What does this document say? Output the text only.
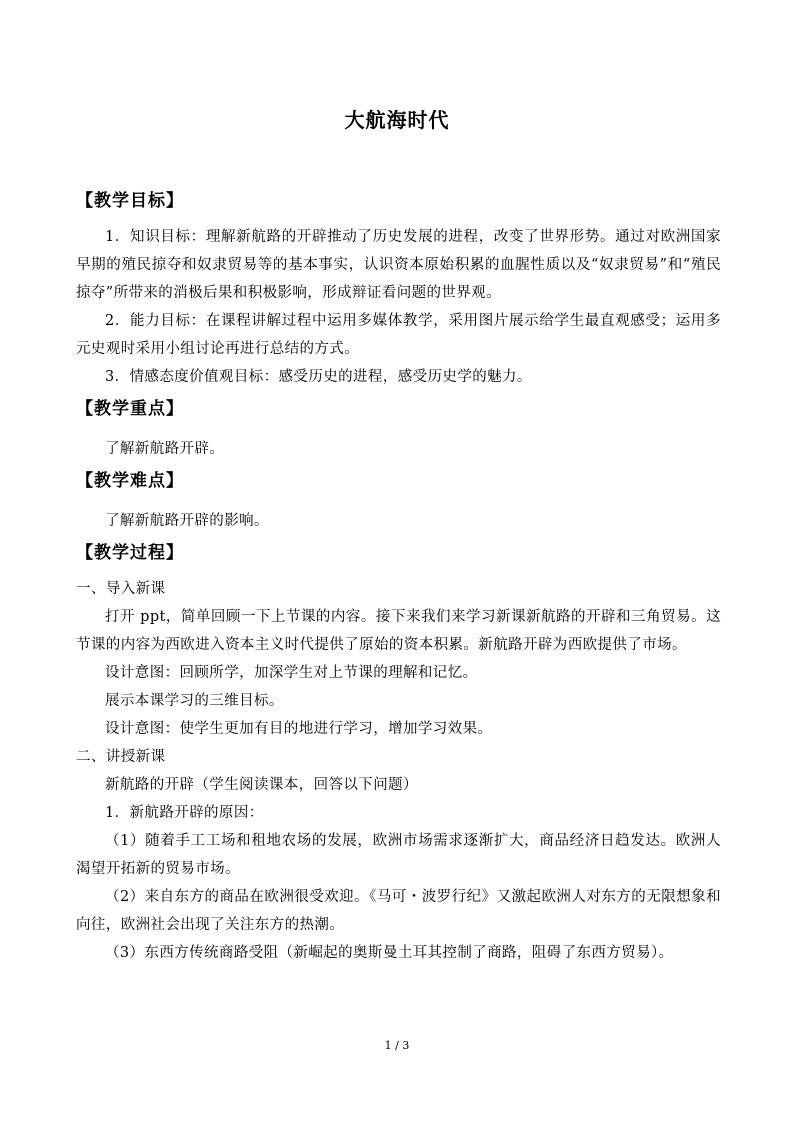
大航海时代
【教学目标】

1．知识目标：理解新航路的开辟推动了历史发展的进程，改变了世界形势。通过对欧洲国家早期的殖民掠夺和奴隶贸易等的基本事实，认识资本原始积累的血腥性质以及“奴隶贸易”和“殖民掠夺”所带来的消极后果和积极影响，形成辩证看问题的世界观。

2．能力目标：在课程讲解过程中运用多媒体教学，采用图片展示给学生最直观感受；运用多元史观时采用小组讨论再进行总结的方式。

3．情感态度价值观目标：感受历史的进程，感受历史学的魅力。

【教学重点】

了解新航路开辟。

【教学难点】

了解新航路开辟的影响。

【教学过程】

一、导入新课

打开 ppt，简单回顾一下上节课的内容。接下来我们来学习新课新航路的开辟和三角贸易。这节课的内容为西欧进入资本主义时代提供了原始的资本积累。新航路开辟为西欧提供了市场。

设计意图：回顾所学，加深学生对上节课的理解和记忆。

展示本课学习的三维目标。

设计意图：使学生更加有目的地进行学习，增加学习效果。

二、讲授新课

新航路的开辟（学生阅读课本，回答以下问题）

1．新航路开辟的原因：

（1）随着手工工场和租地农场的发展，欧洲市场需求逐渐扩大，商品经济日趋发达。欧洲人渴望开拓新的贸易市场。

（2）来自东方的商品在欧洲很受欢迎。《马可・波罗行纪》又激起欧洲人对东方的无限想象和向往，欧洲社会出现了关注东方的热潮。

（3）东西方传统商路受阻（新崛起的奥斯曼土耳其控制了商路，阻碍了东西方贸易）。

1 / 3
